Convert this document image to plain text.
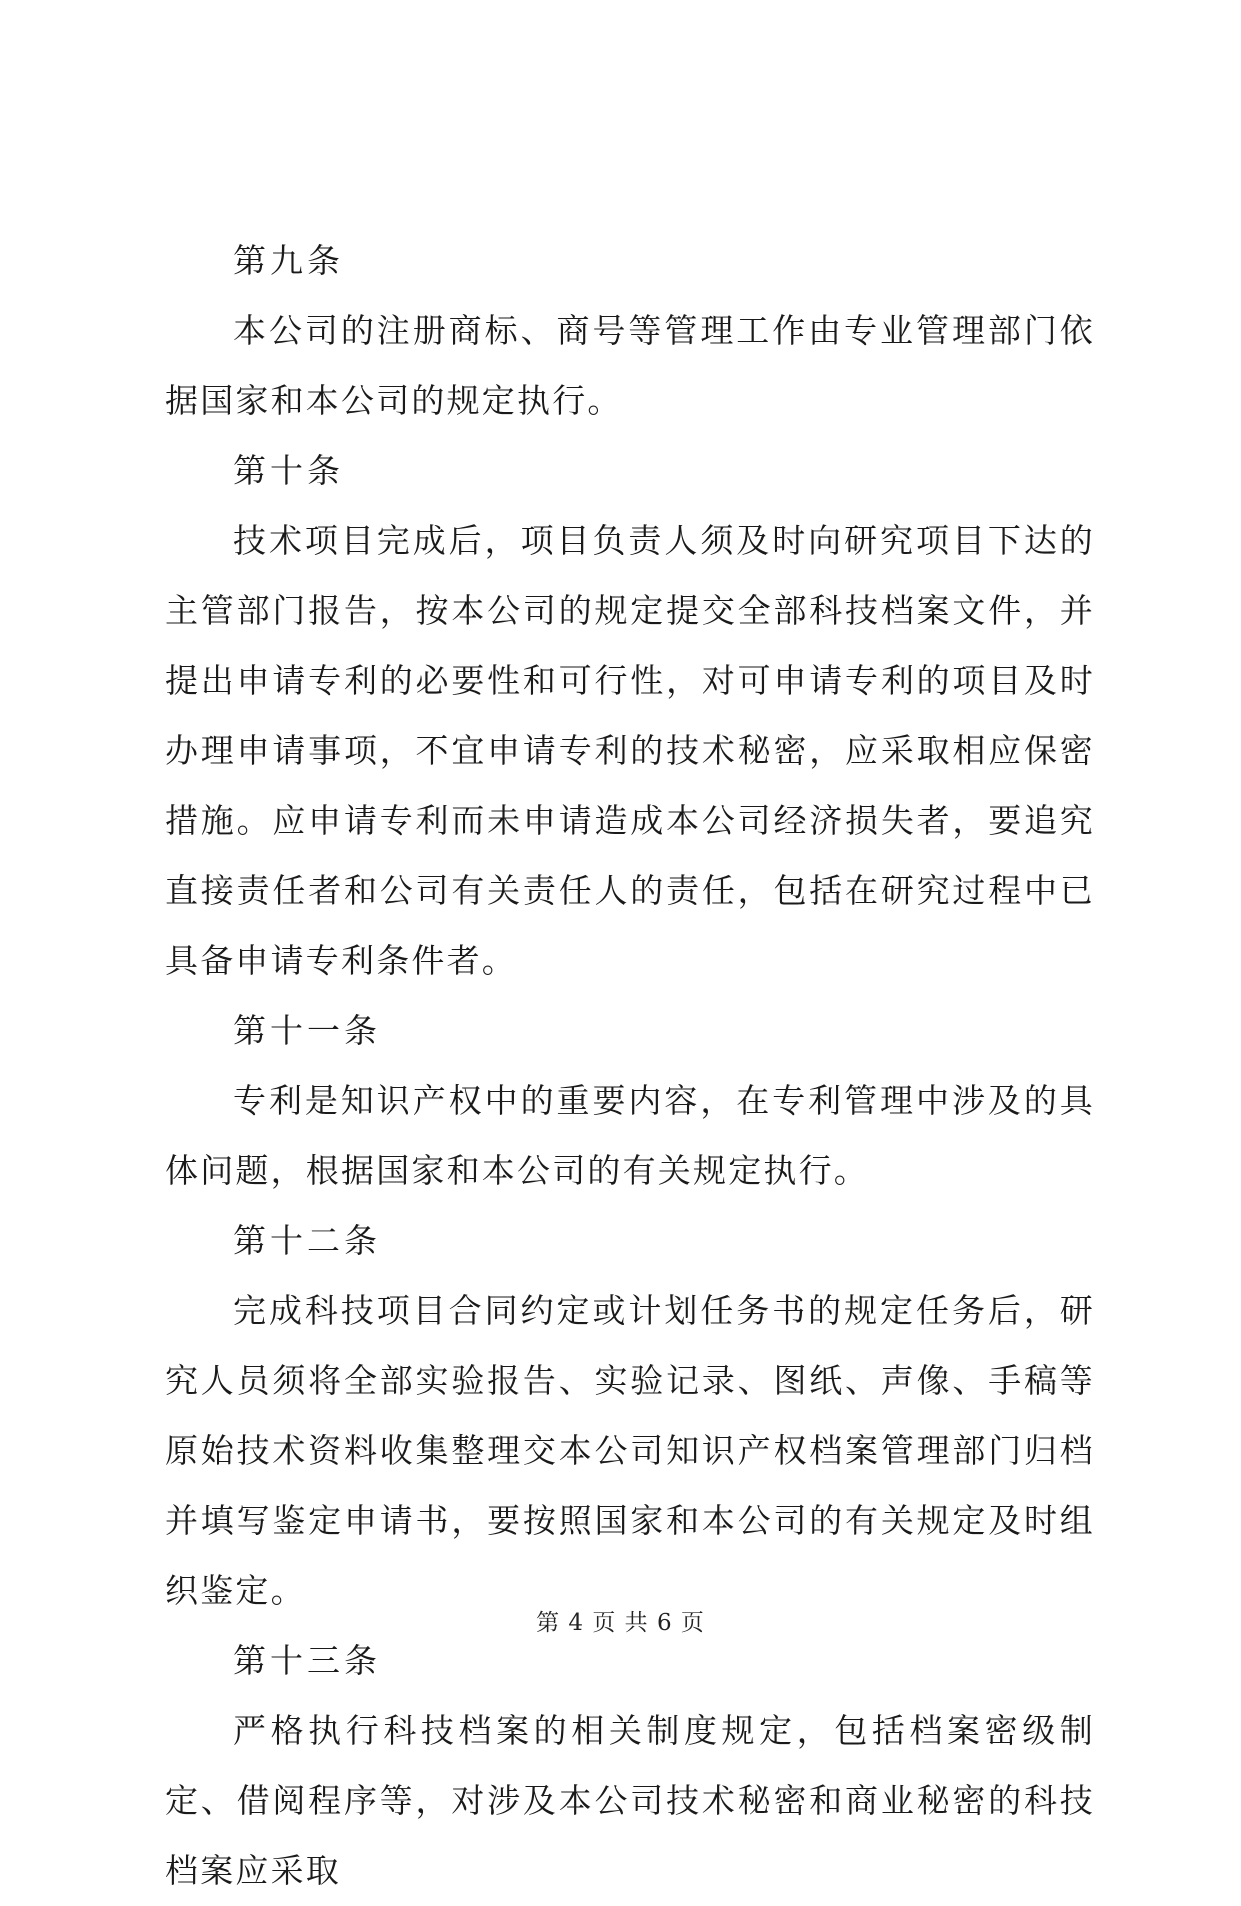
第九条

本公司的注册商标、商号等管理工作由专业管理部门依据国家和本公司的规定执行。

第十条

技术项目完成后，项目负责人须及时向研究项目下达的主管部门报告，按本公司的规定提交全部科技档案文件，并提出申请专利的必要性和可行性，对可申请专利的项目及时办理申请事项，不宜申请专利的技术秘密，应采取相应保密措施。应申请专利而未申请造成本公司经济损失者，要追究直接责任者和公司有关责任人的责任，包括在研究过程中已具备申请专利条件者。

第十一条

专利是知识产权中的重要内容，在专利管理中涉及的具体问题，根据国家和本公司的有关规定执行。

第十二条

完成科技项目合同约定或计划任务书的规定任务后，研究人员须将全部实验报告、实验记录、图纸、声像、手稿等原始技术资料收集整理交本公司知识产权档案管理部门归档并填写鉴定申请书，要按照国家和本公司的有关规定及时组织鉴定。

第十三条

严格执行科技档案的相关制度规定，包括档案密级制定、借阅程序等，对涉及本公司技术秘密和商业秘密的科技档案应采取

第 4 页 共 6 页
